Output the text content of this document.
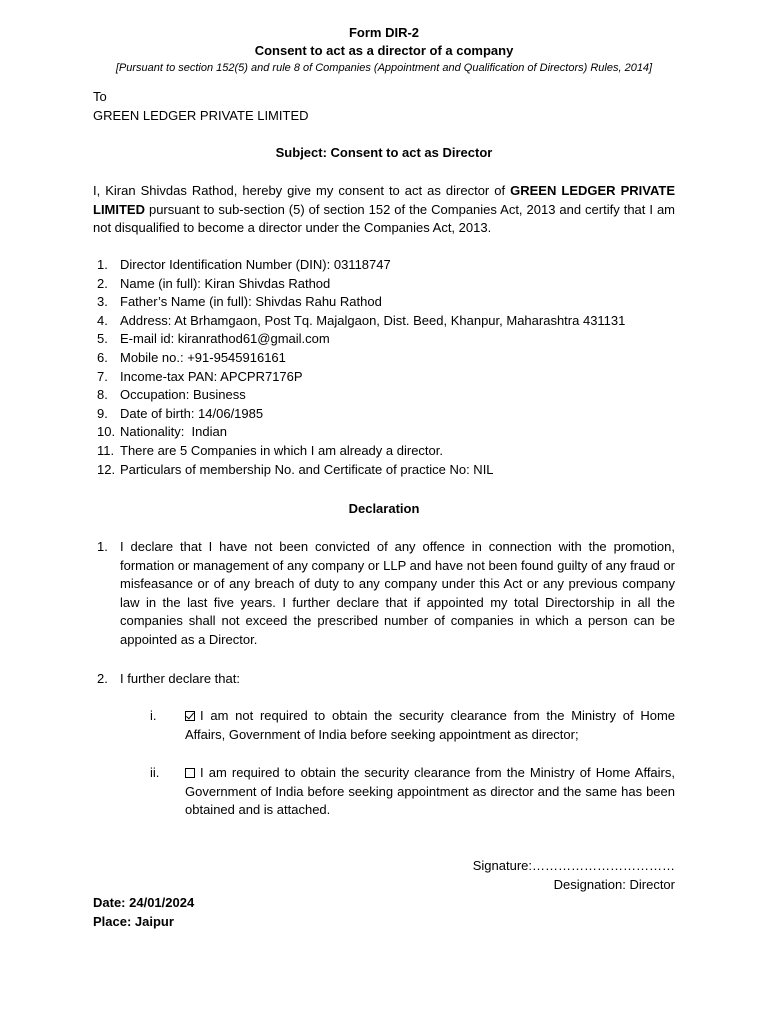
Form DIR-2
Consent to act as a director of a company
[Pursuant to section 152(5) and rule 8 of Companies (Appointment and Qualification of Directors) Rules, 2014]
To
GREEN LEDGER PRIVATE LIMITED
Subject: Consent to act as Director
I, Kiran Shivdas Rathod, hereby give my consent to act as director of GREEN LEDGER PRIVATE LIMITED pursuant to sub-section (5) of section 152 of the Companies Act, 2013 and certify that I am not disqualified to become a director under the Companies Act, 2013.
1. Director Identification Number (DIN): 03118747
2. Name (in full): Kiran Shivdas Rathod
3. Father’s Name (in full): Shivdas Rahu Rathod
4. Address: At Brhamgaon, Post Tq. Majalgaon, Dist. Beed, Khanpur, Maharashtra 431131
5. E-mail id: kiranrathod61@gmail.com
6. Mobile no.: +91-9545916161
7. Income-tax PAN: APCPR7176P
8. Occupation: Business
9. Date of birth: 14/06/1985
10. Nationality:  Indian
11. There are 5 Companies in which I am already a director.
12. Particulars of membership No. and Certificate of practice No: NIL
Declaration
1. I declare that I have not been convicted of any offence in connection with the promotion, formation or management of any company or LLP and have not been found guilty of any fraud or misfeasance or of any breach of duty to any company under this Act or any previous company law in the last five years. I further declare that if appointed my total Directorship in all the companies shall not exceed the prescribed number of companies in which a person can be appointed as a Director.
2. I further declare that:
i.	I am not required to obtain the security clearance from the Ministry of Home Affairs, Government of India before seeking appointment as director;
ii.	I am required to obtain the security clearance from the Ministry of Home Affairs, Government of India before seeking appointment as director and the same has been obtained and is attached.
Signature:……………………………
Designation: Director
Date: 24/01/2024
Place: Jaipur
